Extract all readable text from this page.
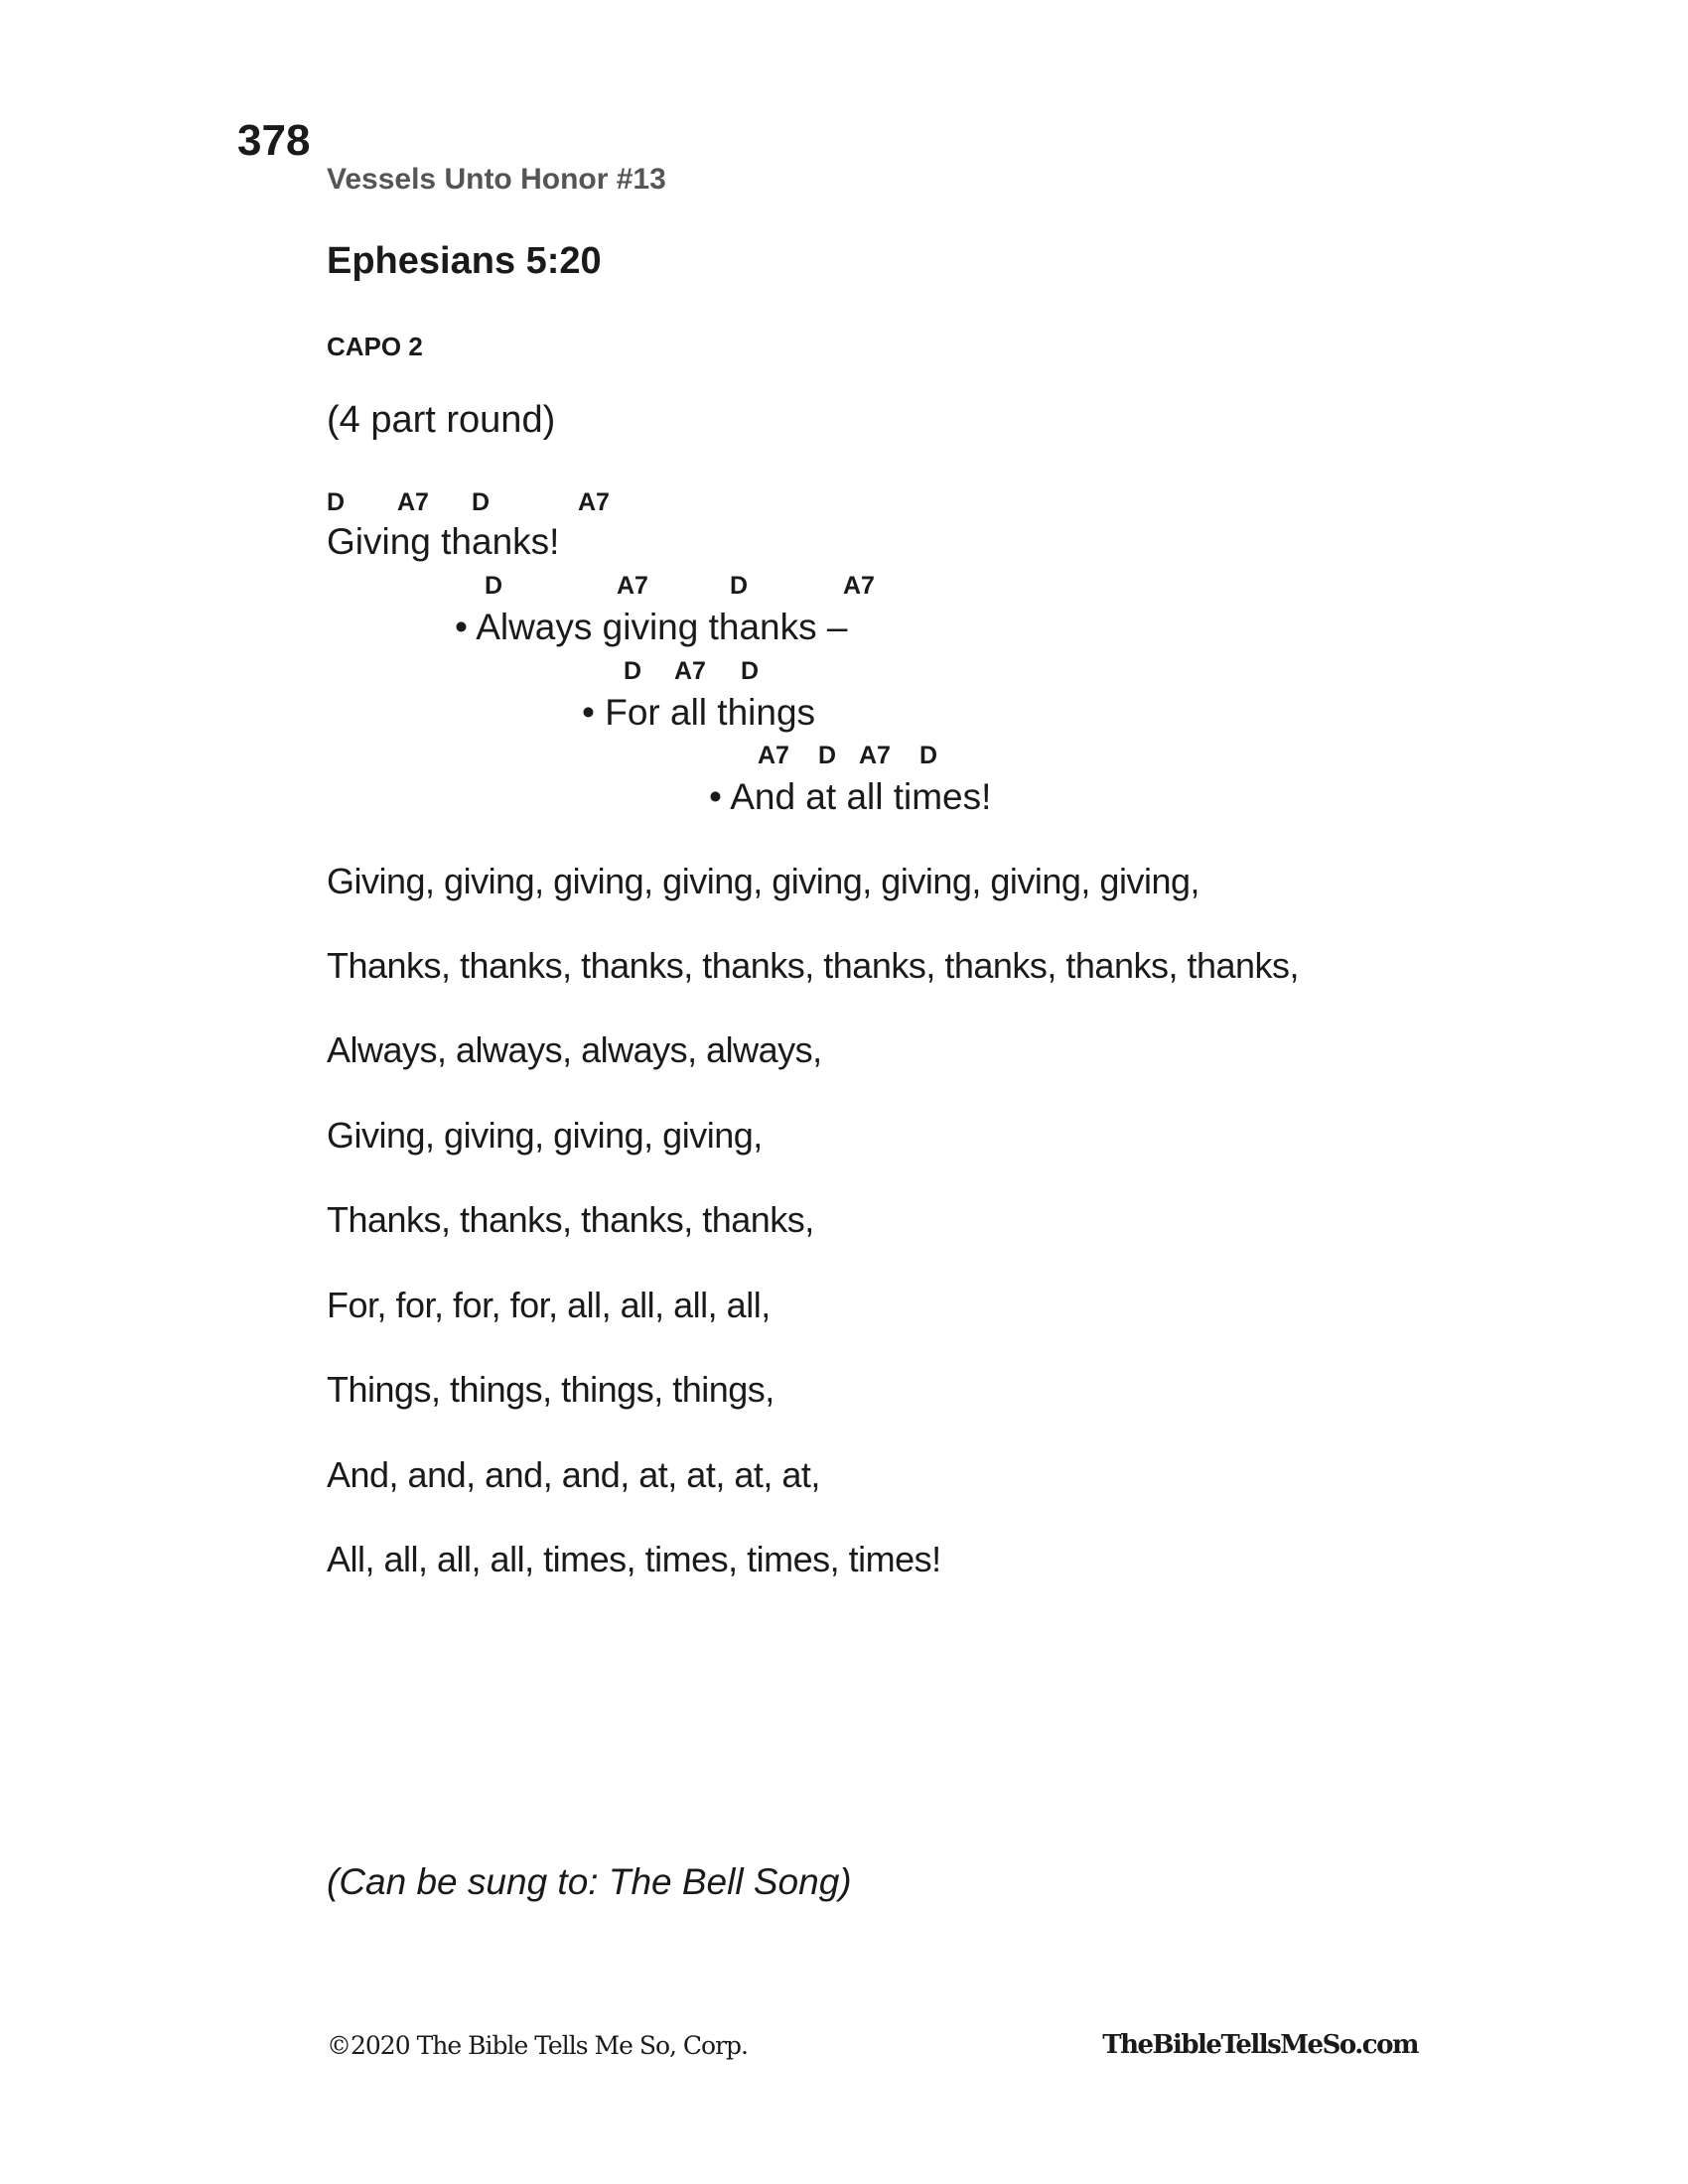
378
Vessels Unto Honor #13
Ephesians 5:20
CAPO 2
(4 part round)
D A7 D	A7
Giving thanks!
D	A7	D	A7
• Always giving thanks –
D A7 D
• For all things
A7 D A7 D
• And at all times!
Giving, giving, giving, giving, giving, giving, giving, giving,
Thanks, thanks, thanks, thanks, thanks, thanks, thanks, thanks,
Always, always, always, always,
Giving, giving, giving, giving,
Thanks, thanks, thanks, thanks,
For, for, for, for, all, all, all, all,
Things, things, things, things,
And, and, and, and, at, at, at, at,
All, all, all, all, times, times, times, times!
(Can be sung to: The Bell Song)
©2020 The Bible Tells Me So, Corp.	TheBibleTellsMeSo.com
